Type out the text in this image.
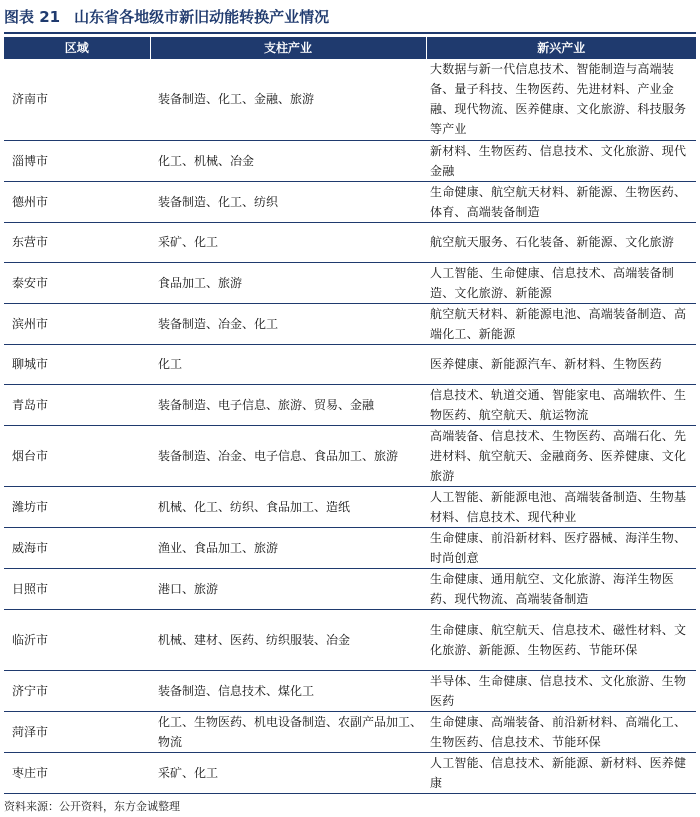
图表 21 山东省各地级市新旧动能转换产业情况
区域	支柱产业	新兴产业
济南市	装备制造、化工、金融、旅游	大数据与新一代信息技术、智能制造与高端装备、量子科技、生物医药、先进材料、产业金融、现代物流、医养健康、文化旅游、科技服务等产业
淄博市	化工、机械、冶金	新材料、生物医药、信息技术、文化旅游、现代金融
德州市	装备制造、化工、纺织	生命健康、航空航天材料、新能源、生物医药、体育、高端装备制造
东营市	采矿、化工	航空航天服务、石化装备、新能源、文化旅游
泰安市	食品加工、旅游	人工智能、生命健康、信息技术、高端装备制造、文化旅游、新能源
滨州市	装备制造、冶金、化工	航空航天材料、新能源电池、高端装备制造、高端化工、新能源
聊城市	化工	医养健康、新能源汽车、新材料、生物医药
青岛市	装备制造、电子信息、旅游、贸易、金融	信息技术、轨道交通、智能家电、高端软件、生物医药、航空航天、航运物流
烟台市	装备制造、冶金、电子信息、食品加工、旅游	高端装备、信息技术、生物医药、高端石化、先进材料、航空航天、金融商务、医养健康、文化旅游
潍坊市	机械、化工、纺织、食品加工、造纸	人工智能、新能源电池、高端装备制造、生物基材料、信息技术、现代种业
威海市	渔业、食品加工、旅游	生命健康、前沿新材料、医疗器械、海洋生物、时尚创意
日照市	港口、旅游	生命健康、通用航空、文化旅游、海洋生物医药、现代物流、高端装备制造
临沂市	机械、建材、医药、纺织服装、冶金	生命健康、航空航天、信息技术、磁性材料、文化旅游、新能源、生物医药、节能环保
济宁市	装备制造、信息技术、煤化工	半导体、生命健康、信息技术、文化旅游、生物医药
菏泽市	化工、生物医药、机电设备制造、农副产品加工、物流	生命健康、高端装备、前沿新材料、高端化工、生物医药、信息技术、节能环保
枣庄市	采矿、化工	人工智能、信息技术、新能源、新材料、医养健康
资料来源：公开资料，东方金诚整理
